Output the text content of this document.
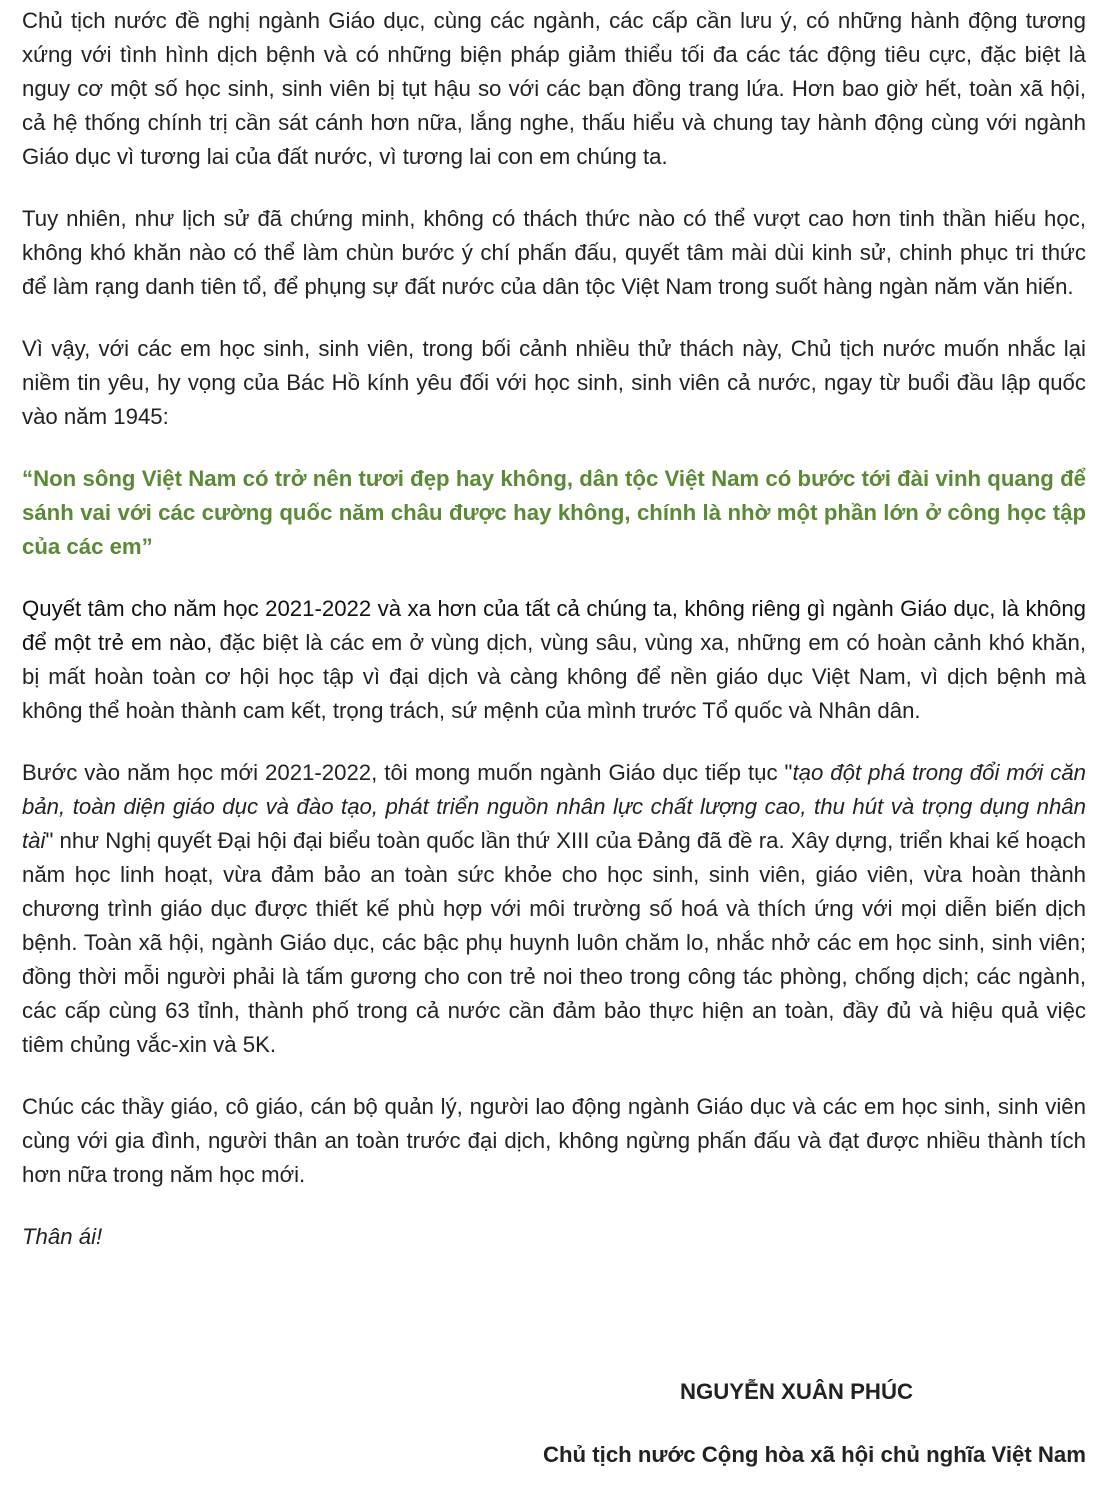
Chủ tịch nước đề nghị ngành Giáo dục, cùng các ngành, các cấp cần lưu ý, có những hành động tương xứng với tình hình dịch bệnh và có những biện pháp giảm thiểu tối đa các tác động tiêu cực, đặc biệt là nguy cơ một số học sinh, sinh viên bị tụt hậu so với các bạn đồng trang lứa. Hơn bao giờ hết, toàn xã hội, cả hệ thống chính trị cần sát cánh hơn nữa, lắng nghe, thấu hiểu và chung tay hành động cùng với ngành Giáo dục vì tương lai của đất nước, vì tương lai con em chúng ta.

Tuy nhiên, như lịch sử đã chứng minh, không có thách thức nào có thể vượt cao hơn tinh thần hiếu học, không khó khăn nào có thể làm chùn bước ý chí phấn đấu, quyết tâm mài dùi kinh sử, chinh phục tri thức để làm rạng danh tiên tổ, để phụng sự đất nước của dân tộc Việt Nam trong suốt hàng ngàn năm văn hiến.

Vì vậy, với các em học sinh, sinh viên, trong bối cảnh nhiều thử thách này, Chủ tịch nước muốn nhắc lại niềm tin yêu, hy vọng của Bác Hồ kính yêu đối với học sinh, sinh viên cả nước, ngay từ buổi đầu lập quốc vào năm 1945:

“Non sông Việt Nam có trở nên tươi đẹp hay không, dân tộc Việt Nam có bước tới đài vinh quang để sánh vai với các cường quốc năm châu được hay không, chính là nhờ một phần lớn ở công học tập của các em”

Quyết tâm cho năm học 2021-2022 và xa hơn của tất cả chúng ta, không riêng gì ngành Giáo dục, là không để một trẻ em nào, đặc biệt là các em ở vùng dịch, vùng sâu, vùng xa, những em có hoàn cảnh khó khăn, bị mất hoàn toàn cơ hội học tập vì đại dịch và càng không để nền giáo dục Việt Nam, vì dịch bệnh mà không thể hoàn thành cam kết, trọng trách, sứ mệnh của mình trước Tổ quốc và Nhân dân.

Bước vào năm học mới 2021-2022, tôi mong muốn ngành Giáo dục tiếp tục "tạo đột phá trong đổi mới căn bản, toàn diện giáo dục và đào tạo, phát triển nguồn nhân lực chất lượng cao, thu hút và trọng dụng nhân tài" như Nghị quyết Đại hội đại biểu toàn quốc lần thứ XIII của Đảng đã đề ra. Xây dựng, triển khai kế hoạch năm học linh hoạt, vừa đảm bảo an toàn sức khỏe cho học sinh, sinh viên, giáo viên, vừa hoàn thành chương trình giáo dục được thiết kế phù hợp với môi trường số hoá và thích ứng với mọi diễn biến dịch bệnh. Toàn xã hội, ngành Giáo dục, các bậc phụ huynh luôn chăm lo, nhắc nhở các em học sinh, sinh viên; đồng thời mỗi người phải là tấm gương cho con trẻ noi theo trong công tác phòng, chống dịch; các ngành, các cấp cùng 63 tỉnh, thành phố trong cả nước cần đảm bảo thực hiện an toàn, đầy đủ và hiệu quả việc tiêm chủng vắc-xin và 5K.

Chúc các thầy giáo, cô giáo, cán bộ quản lý, người lao động ngành Giáo dục và các em học sinh, sinh viên cùng với gia đình, người thân an toàn trước đại dịch, không ngừng phấn đấu và đạt được nhiều thành tích hơn nữa trong năm học mới.

Thân ái!

NGUYỄN XUÂN PHÚC
Chủ tịch nước Cộng hòa xã hội chủ nghĩa Việt Nam
